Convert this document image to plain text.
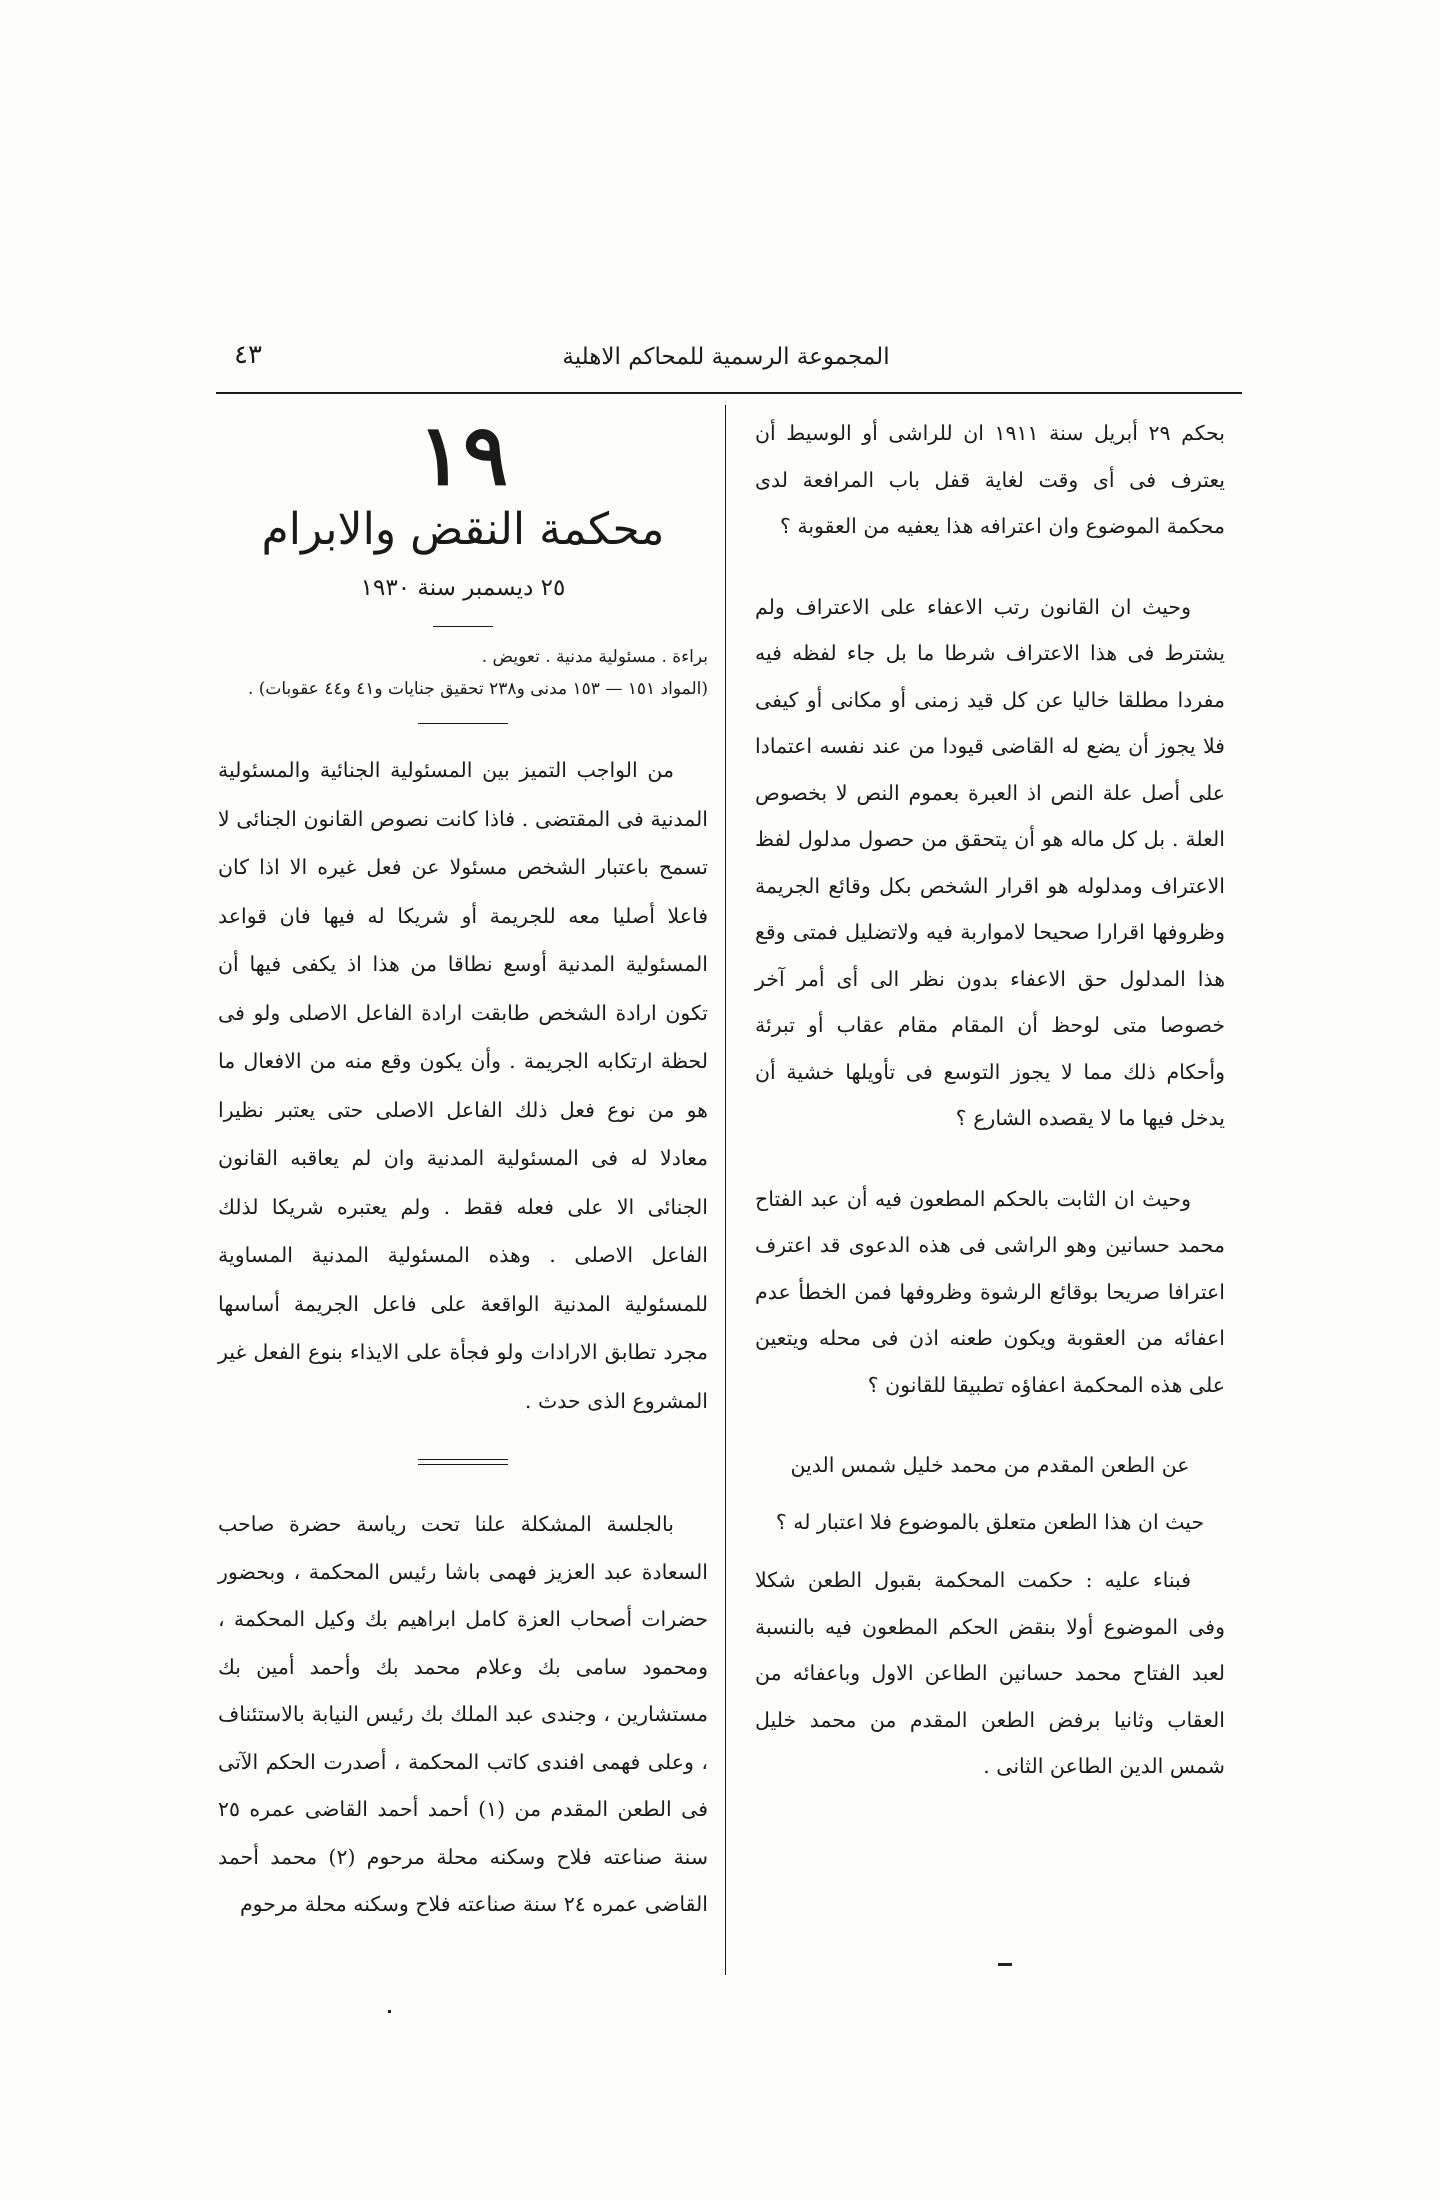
المجموعة الرسمية للمحاكم الاهلية
٤٣

بحكم ٢٩ أبريل سنة ١٩١١ ان للراشى أو الوسيط أن يعترف فى أى وقت لغاية قفل باب المرافعة لدى محكمة الموضوع وان اعترافه هذا يعفيه من العقوبة ؟

وحيث ان القانون رتب الاعفاء على الاعتراف ولم يشترط فى هذا الاعتراف شرطا ما بل جاء لفظه فيه مفردا مطلقا خاليا عن كل قيد زمنى أو مكانى أو كيفى فلا يجوز أن يضع له القاضى قيودا من عند نفسه اعتمادا على أصل علة النص اذ العبرة بعموم النص لا بخصوص العلة . بل كل ماله هو أن يتحقق من حصول مدلول لفظ الاعتراف ومدلوله هو اقرار الشخص بكل وقائع الجريمة وظروفها اقرارا صحيحا لامواربة فيه ولاتضليل فمتى وقع هذا المدلول حق الاعفاء بدون نظر الى أى أمر آخر خصوصا متى لوحظ أن المقام مقام عقاب أو تبرئة وأحكام ذلك مما لا يجوز التوسع فى تأويلها خشية أن يدخل فيها ما لا يقصده الشارع ؟

وحيث ان الثابت بالحكم المطعون فيه أن عبد الفتاح محمد حسانين وهو الراشى فى هذه الدعوى قد اعترف اعترافا صريحا بوقائع الرشوة وظروفها فمن الخطأ عدم اعفائه من العقوبة ويكون طعنه اذن فى محله ويتعين على هذه المحكمة اعفاؤه تطبيقا للقانون ؟

عن الطعن المقدم من محمد خليل شمس الدين

حيث ان هذا الطعن متعلق بالموضوع فلا اعتبار له ؟

فبناء عليه : حكمت المحكمة بقبول الطعن شكلا وفى الموضوع أولا بنقض الحكم المطعون فيه بالنسبة لعبد الفتاح محمد حسانين الطاعن الاول وباعفائه من العقاب وثانيا برفض الطعن المقدم من محمد خليل شمس الدين الطاعن الثانى .

١٩

محكمة النقض والابرام

٢٥ ديسمبر سنة ١٩٣٠

براءة . مسئولية مدنية . تعويض .

(المواد ١٥١ — ١٥٣ مدنى و٢٣٨ تحقيق جنايات و٤١ و٤٤ عقوبات) .

من الواجب التميز بين المسئولية الجنائية والمسئولية المدنية فى المقتضى . فاذا كانت نصوص القانون الجنائى لا تسمح باعتبار الشخص مسئولا عن فعل غيره الا اذا كان فاعلا أصليا معه للجريمة أو شريكا له فيها فان قواعد المسئولية المدنية أوسع نطاقا من هذا اذ يكفى فيها أن تكون ارادة الشخص طابقت ارادة الفاعل الاصلى ولو فى لحظة ارتكابه الجريمة . وأن يكون وقع منه من الافعال ما هو من نوع فعل ذلك الفاعل الاصلى حتى يعتبر نظيرا معادلا له فى المسئولية المدنية وان لم يعاقبه القانون الجنائى الا على فعله فقط . ولم يعتبره شريكا لذلك الفاعل الاصلى . وهذه المسئولية المدنية المساوية للمسئولية المدنية الواقعة على فاعل الجريمة أساسها مجرد تطابق الارادات ولو فجأة على الايذاء بنوع الفعل غير المشروع الذى حدث .

بالجلسة المشكلة علنا تحت رياسة حضرة صاحب السعادة عبد العزيز فهمى باشا رئيس المحكمة ، وبحضور حضرات أصحاب العزة كامل ابراهيم بك وكيل المحكمة ، ومحمود سامى بك وعلام محمد بك وأحمد أمين بك مستشارين ، وجندى عبد الملك بك رئيس النيابة بالاستئناف ، وعلى فهمى افندى كاتب المحكمة ، أصدرت الحكم الآتى فى الطعن المقدم من (١) أحمد أحمد القاضى عمره ٢٥ سنة صناعته فلاح وسكنه محلة مرحوم (٢) محمد أحمد القاضى عمره ٢٤ سنة صناعته فلاح وسكنه محلة مرحوم
